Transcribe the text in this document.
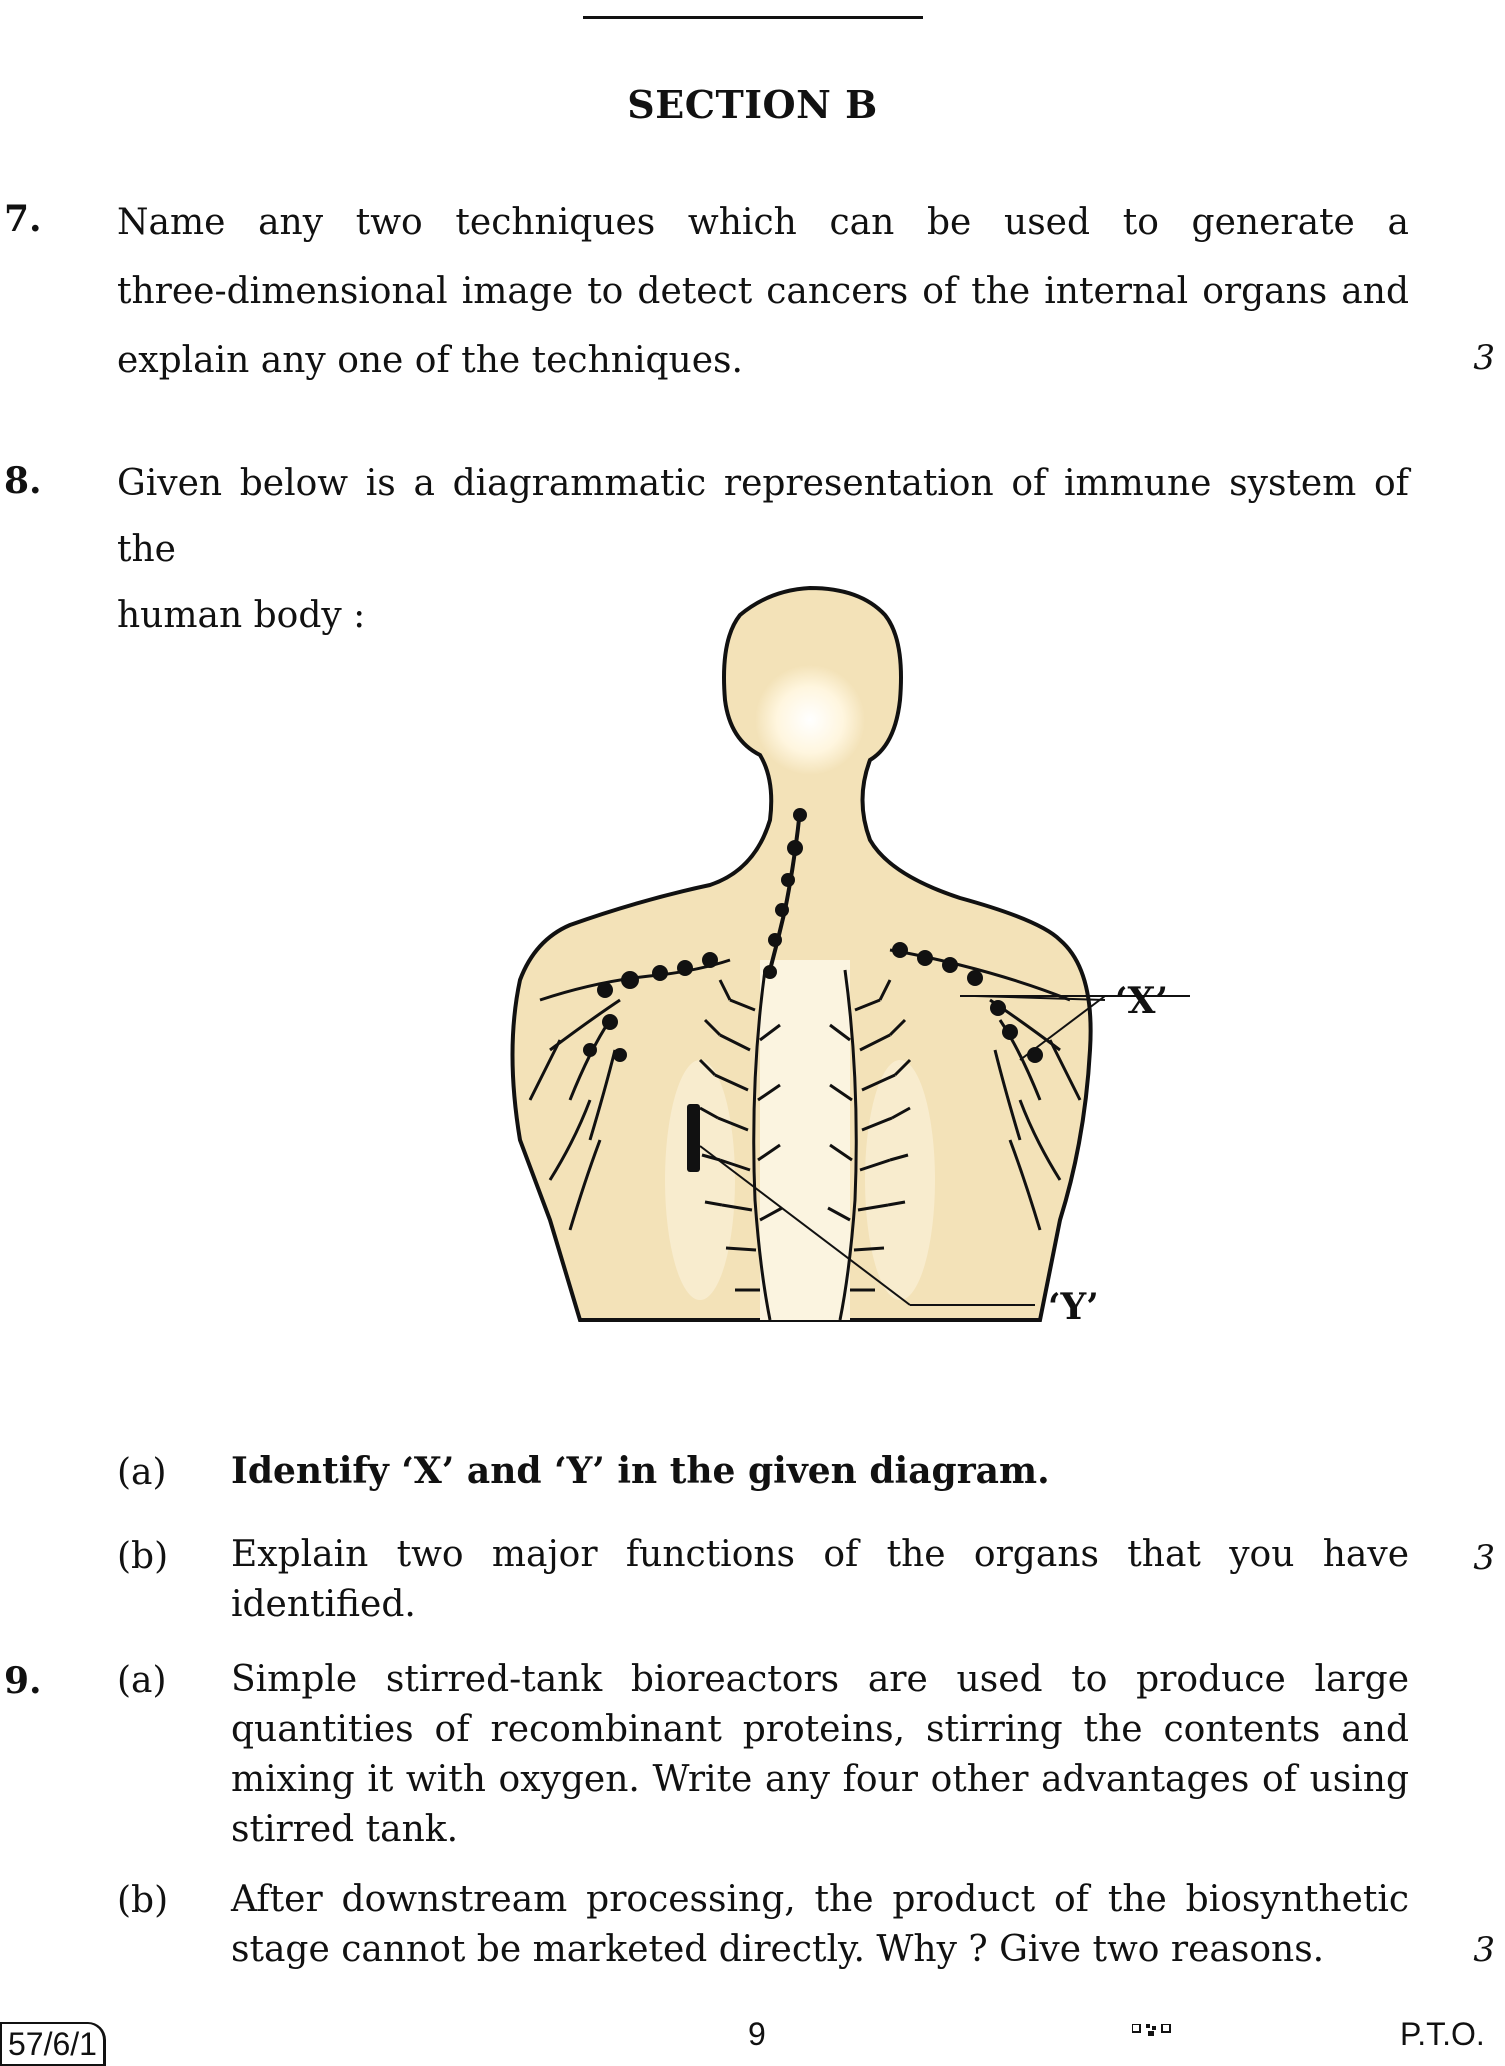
SECTION B
7. Name any two techniques which can be used to generate a
three-dimensional image to detect cancers of the internal organs and
explain any one of the techniques.	3
8. Given below is a diagrammatic representation of immune system of the
human body :
‘X’
‘Y’
(a) Identify ‘X’ and ‘Y’ in the given diagram.
(b) Explain two major functions of the organs that you have identified.
3
9. (a) Simple stirred-tank bioreactors are used to produce large quantities of recombinant proteins, stirring the contents and mixing it with oxygen. Write any four other advantages of using stirred tank.
(b) After downstream processing, the product of the biosynthetic stage cannot be marketed directly. Why ? Give two reasons.	3
57/6/1	9	P.T.O.
